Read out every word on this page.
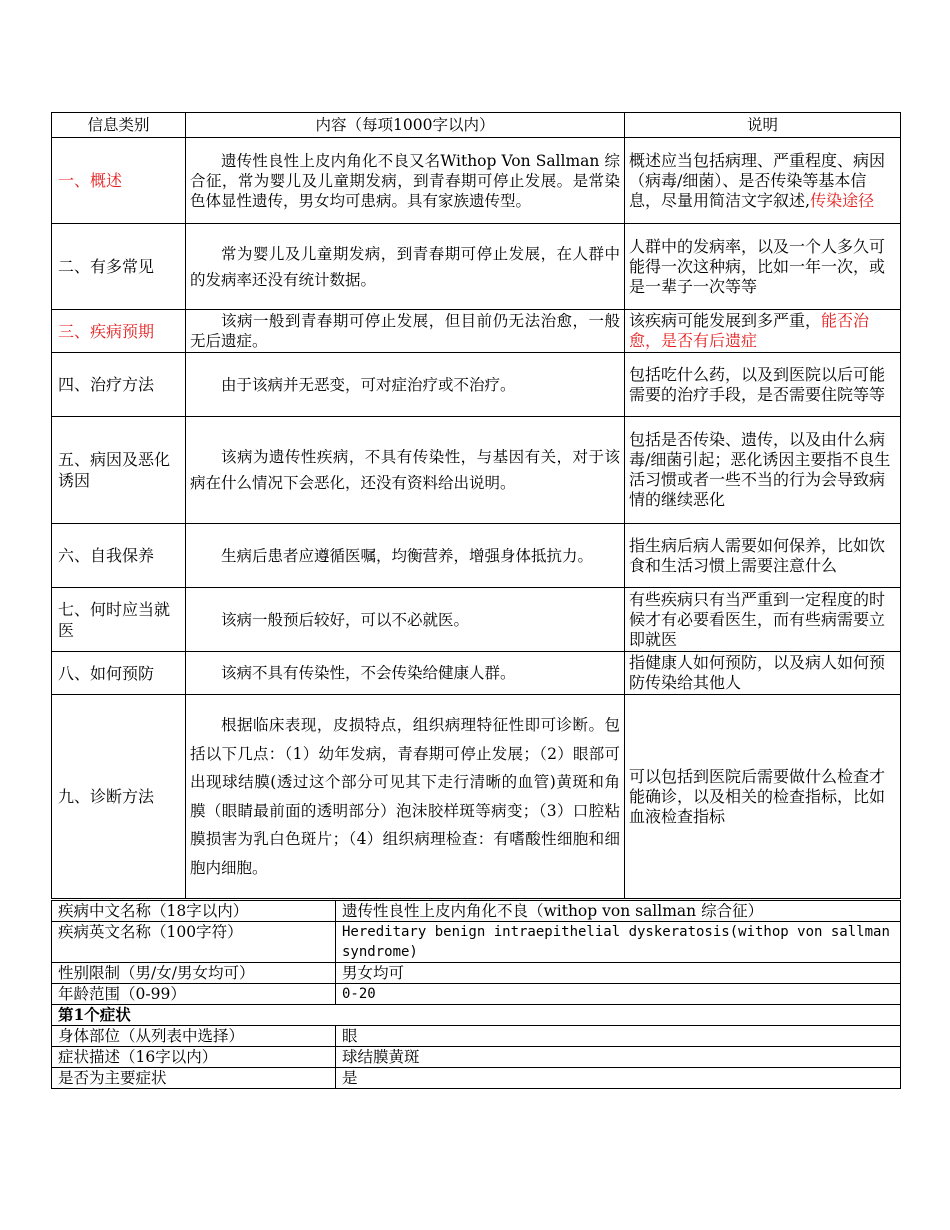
信息类别	内容（每项1000字以内）	说明
一、概述	遗传性良性上皮内角化不良又名Withop Von Sallman 综合征，常为婴儿及儿童期发病，到青春期可停止发展。是常染色体显性遗传，男女均可患病。具有家族遗传型。	概述应当包括病理、严重程度、病因（病毒/细菌）、是否传染等基本信息，尽量用简洁文字叙述,传染途径
二、有多常见	常为婴儿及儿童期发病，到青春期可停止发展，在人群中的发病率还没有统计数据。	人群中的发病率，以及一个人多久可能得一次这种病，比如一年一次，或是一辈子一次等等
三、疾病预期	该病一般到青春期可停止发展，但目前仍无法治愈，一般无后遗症。	该疾病可能发展到多严重，能否治愈，是否有后遗症
四、治疗方法	由于该病并无恶变，可对症治疗或不治疗。	包括吃什么药，以及到医院以后可能需要的治疗手段，是否需要住院等等
五、病因及恶化诱因	该病为遗传性疾病，不具有传染性，与基因有关，对于该病在什么情况下会恶化，还没有资料给出说明。	包括是否传染、遗传，以及由什么病毒/细菌引起；恶化诱因主要指不良生活习惯或者一些不当的行为会导致病情的继续恶化
六、自我保养	生病后患者应遵循医嘱，均衡营养，增强身体抵抗力。	指生病后病人需要如何保养，比如饮食和生活习惯上需要注意什么
七、何时应当就医	该病一般预后较好，可以不必就医。	有些疾病只有当严重到一定程度的时候才有必要看医生，而有些病需要立即就医
八、如何预防	该病不具有传染性，不会传染给健康人群。	指健康人如何预防，以及病人如何预防传染给其他人
九、诊断方法	根据临床表现，皮损特点，组织病理特征性即可诊断。包括以下几点：（1）幼年发病，青春期可停止发展；（2）眼部可出现球结膜(透过这个部分可见其下走行清晰的血管)黄斑和角膜（眼睛最前面的透明部分）泡沫胶样斑等病变；（3）口腔粘膜损害为乳白色斑片；（4）组织病理检查：有嗜酸性细胞和细胞内细胞。	可以包括到医院后需要做什么检查才能确诊，以及相关的检查指标，比如血液检查指标
疾病中文名称（18字以内）	遗传性良性上皮内角化不良（withop von sallman 综合征）
疾病英文名称（100字符）	Hereditary benign intraepithelial dyskeratosis(withop von sallman syndrome)
性别限制（男/女/男女均可）	男女均可
年龄范围（0-99）	0-20
第1个症状	
身体部位（从列表中选择）	眼
症状描述（16字以内）	球结膜黄斑
是否为主要症状	是
